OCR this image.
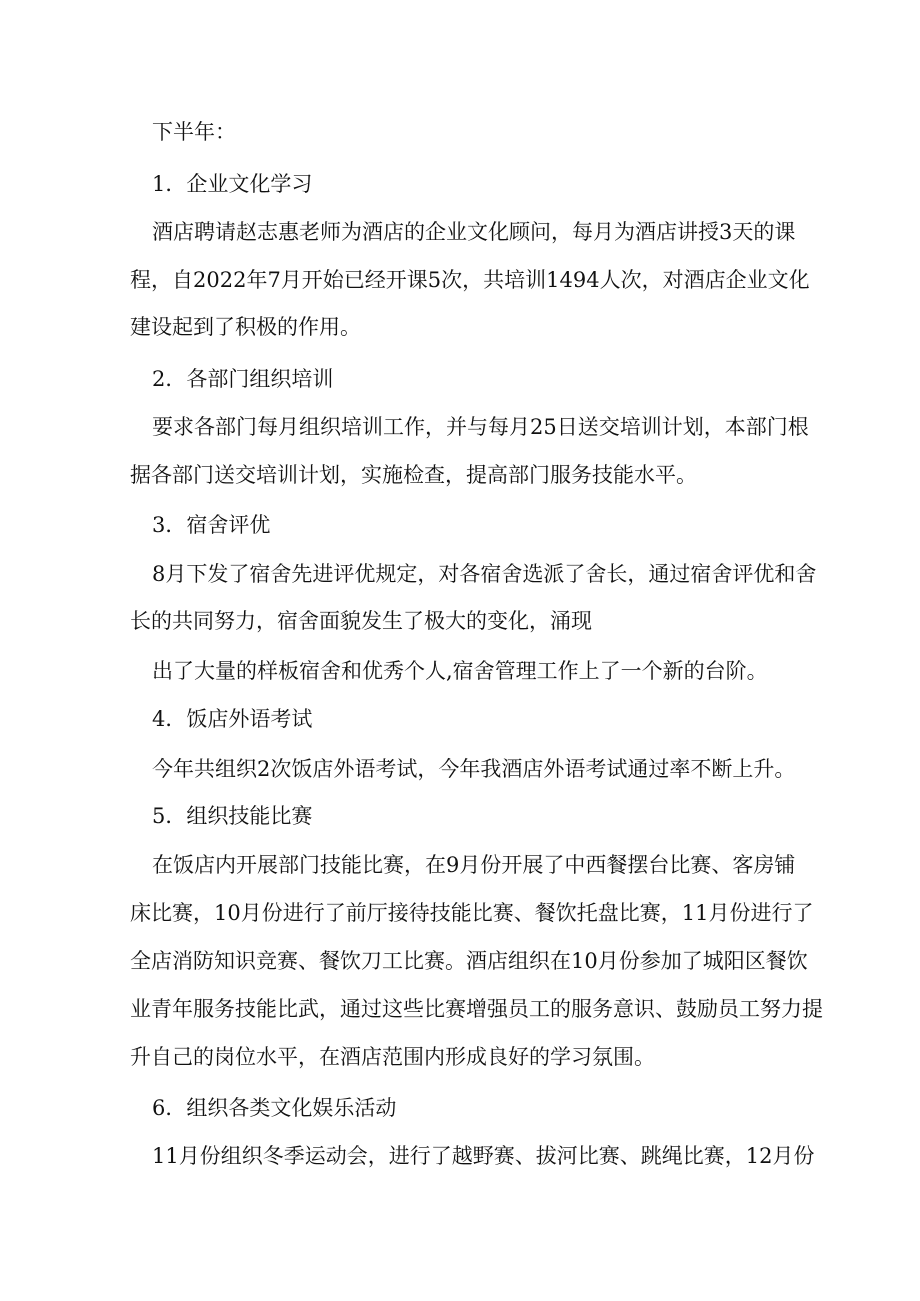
下半年：
1．企业文化学习
酒店聘请赵志惠老师为酒店的企业文化顾问，每月为酒店讲授3天的课
程，自2022年7月开始已经开课5次，共培训1494人次，对酒店企业文化
建设起到了积极的作用。
2．各部门组织培训
要求各部门每月组织培训工作，并与每月25日送交培训计划，本部门根
据各部门送交培训计划，实施检查，提高部门服务技能水平。
3．宿舍评优
8月下发了宿舍先进评优规定，对各宿舍选派了舍长，通过宿舍评优和舍
长的共同努力，宿舍面貌发生了极大的变化，涌现
出了大量的样板宿舍和优秀个人,宿舍管理工作上了一个新的台阶。
4．饭店外语考试
今年共组织2次饭店外语考试，今年我酒店外语考试通过率不断上升。
5．组织技能比赛
在饭店内开展部门技能比赛，在9月份开展了中西餐摆台比赛、客房铺
床比赛，10月份进行了前厅接待技能比赛、餐饮托盘比赛，11月份进行了
全店消防知识竞赛、餐饮刀工比赛。酒店组织在10月份参加了城阳区餐饮
业青年服务技能比武，通过这些比赛增强员工的服务意识、鼓励员工努力提
升自己的岗位水平，在酒店范围内形成良好的学习氛围。
6．组织各类文化娱乐活动
11月份组织冬季运动会，进行了越野赛、拔河比赛、跳绳比赛，12月份
